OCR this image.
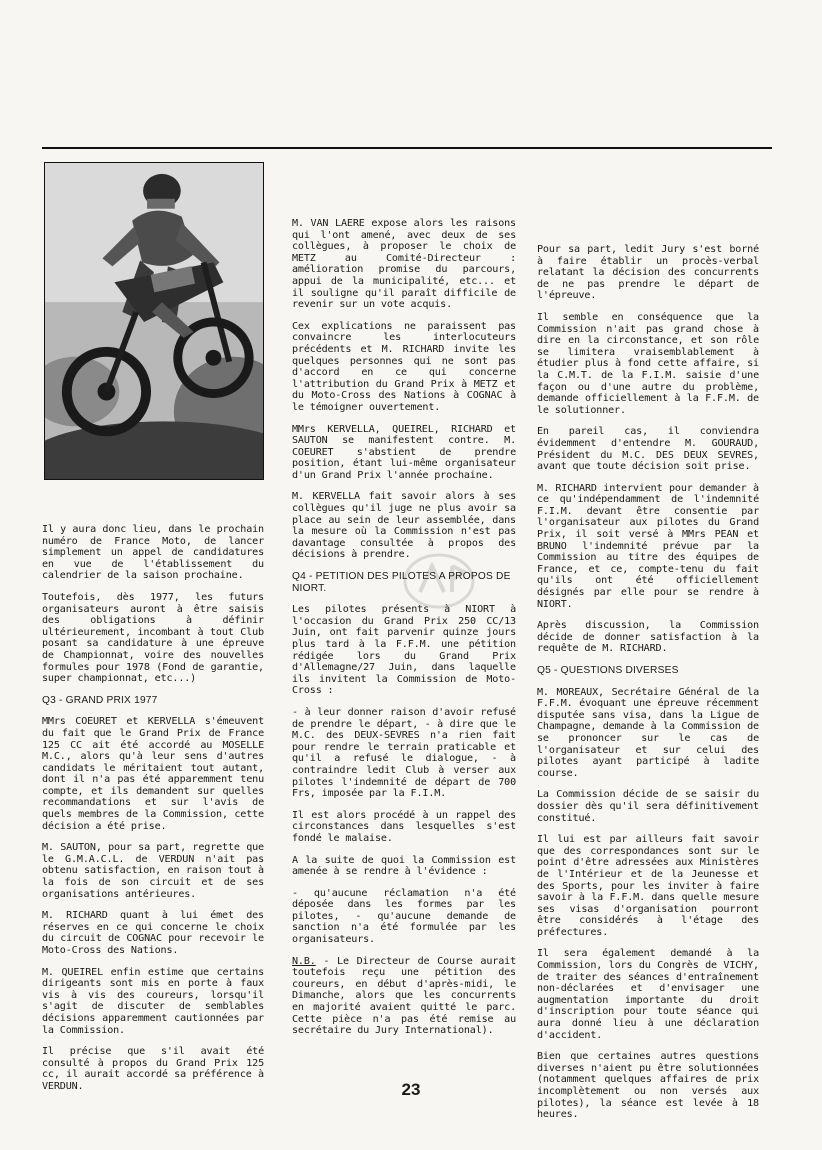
Il y aura donc lieu, dans le prochain numéro de France Moto, de lancer simplement un appel de candidatures en vue de l'établissement du calendrier de la saison prochaine.

Toutefois, dès 1977, les futurs organisateurs auront à être saisis des obligations à définir ultérieurement, incombant à tout Club posant sa candidature à une épreuve de Championnat, voire des nouvelles formules pour 1978 (Fond de garantie, super championnat, etc...)

Q3 - GRAND PRIX 1977

MMrs COEURET et KERVELLA s'émeuvent du fait que le Grand Prix de France 125 CC ait été accordé au MOSELLE M.C., alors qu'à leur sens d'autres candidats le méritaient tout autant, dont il n'a pas été apparemment tenu compte, et ils demandent sur quelles recommandations et sur l'avis de quels membres de la Commission, cette décision a été prise.

M. SAUTON, pour sa part, regrette que le G.M.A.C.L. de VERDUN n'ait pas obtenu satisfaction, en raison tout à la fois de son circuit et de ses organisations antérieures.

M. RICHARD quant à lui émet des réserves en ce qui concerne le choix du circuit de COGNAC pour recevoir le Moto-Cross des Nations.

M. QUEIREL enfin estime que certains dirigeants sont mis en porte à faux vis à vis des coureurs, lorsqu'il s'agit de discuter de semblables décisions apparemment cautionnées par la Commission.

Il précise que s'il avait été consulté à propos du Grand Prix 125 cc, il aurait accordé sa préférence à VERDUN.

M. VAN LAERE expose alors les raisons qui l'ont amené, avec deux de ses collègues, à proposer le choix de METZ au Comité-Directeur : amélioration promise du parcours, appui de la municipalité, etc... et il souligne qu'il paraît difficile de revenir sur un vote acquis.

Cex explications ne paraissent pas convaincre les interlocuteurs précédents et M. RICHARD invite les quelques personnes qui ne sont pas d'accord en ce qui concerne l'attribution du Grand Prix à METZ et du Moto-Cross des Nations à COGNAC à le témoigner ouvertement.

MMrs KERVELLA, QUEIREL, RICHARD et SAUTON se manifestent contre. M. COEURET s'abstient de prendre position, étant lui-même organisateur d'un Grand Prix l'année prochaine.

M. KERVELLA fait savoir alors à ses collègues qu'il juge ne plus avoir sa place au sein de leur assemblée, dans la mesure où la Commission n'est pas davantage consultée à propos des décisions à prendre.

Q4 - PETITION DES PILOTES A PROPOS DE NIORT.

Les pilotes présents à NIORT à l'occasion du Grand Prix 250 CC/13 Juin, ont fait parvenir quinze jours plus tard à la F.F.M. une pétition rédigée lors du Grand Prix d'Allemagne/27 Juin, dans laquelle ils invitent la Commission de Moto-Cross :

- à leur donner raison d'avoir refusé de prendre le départ, - à dire que le M.C. des DEUX-SEVRES n'a rien fait pour rendre le terrain praticable et qu'il a refusé le dialogue, - à contraindre ledit Club à verser aux pilotes l'indemnité de départ de 700 Frs, imposée par la F.I.M.

Il est alors procédé à un rappel des circonstances dans lesquelles s'est fondé le malaise.

A la suite de quoi la Commission est amenée à se rendre à l'évidence :

- qu'aucune réclamation n'a été déposée dans les formes par les pilotes, - qu'aucune demande de sanction n'a été formulée par les organisateurs.

N.B. - Le Directeur de Course aurait toutefois reçu une pétition des coureurs, en début d'après-midi, le Dimanche, alors que les concurrents en majorité avaient quitté le parc. Cette pièce n'a pas été remise au secrétaire du Jury International).

Pour sa part, ledit Jury s'est borné à faire établir un procès-verbal relatant la décision des concurrents de ne pas prendre le départ de l'épreuve.

Il semble en conséquence que la Commission n'ait pas grand chose à dire en la circonstance, et son rôle se limitera vraisemblablement à étudier plus à fond cette affaire, si la C.M.T. de la F.I.M. saisie d'une façon ou d'une autre du problème, demande officiellement à la F.F.M. de le solutionner.

En pareil cas, il conviendra évidemment d'entendre M. GOURAUD, Président du M.C. DES DEUX SEVRES, avant que toute décision soit prise.

M. RICHARD intervient pour demander à ce qu'indépendamment de l'indemnité F.I.M. devant être consentie par l'organisateur aux pilotes du Grand Prix, il soit versé à MMrs PEAN et BRUNO l'indemnité prévue par la Commission au titre des équipes de France, et ce, compte-tenu du fait qu'ils ont été officiellement désignés par elle pour se rendre à NIORT.

Après discussion, la Commission décide de donner satisfaction à la requête de M. RICHARD.

Q5 - QUESTIONS DIVERSES

M. MOREAUX, Secrétaire Général de la F.F.M. évoquant une épreuve récemment disputée sans visa, dans la Ligue de Champagne, demande à la Commission de se prononcer sur le cas de l'organisateur et sur celui des pilotes ayant participé à ladite course.

La Commission décide de se saisir du dossier dès qu'il sera définitivement constitué.

Il lui est par ailleurs fait savoir que des correspondances sont sur le point d'être adressées aux Ministères de l'Intérieur et de la Jeunesse et des Sports, pour les inviter à faire savoir à la F.F.M. dans quelle mesure ses visas d'organisation pourront être considérés à l'étage des préfectures.

Il sera également demandé à la Commission, lors du Congrès de VICHY, de traiter des séances d'entraînement non-déclarées et d'envisager une augmentation importante du droit d'inscription pour toute séance qui aura donné lieu à une déclaration d'accident.

Bien que certaines autres questions diverses n'aient pu être solutionnées (notamment quelques affaires de prix incomplètement ou non versés aux pilotes), la séance est levée à 18 heures.

23
